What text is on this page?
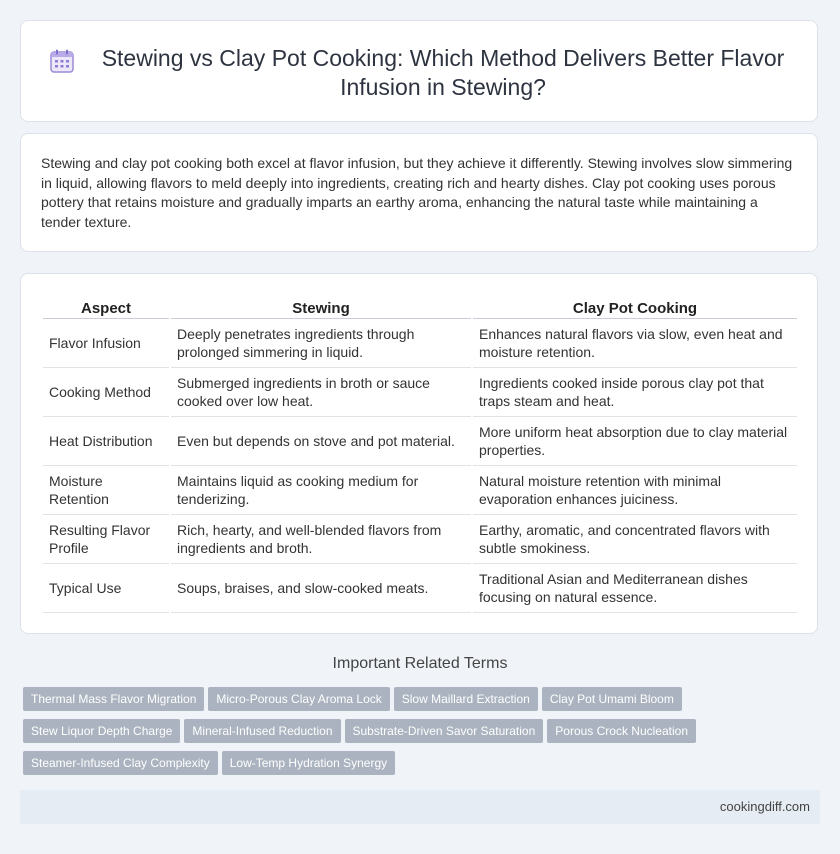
Stewing vs Clay Pot Cooking: Which Method Delivers Better Flavor Infusion in Stewing?

Stewing and clay pot cooking both excel at flavor infusion, but they achieve it differently. Stewing involves slow simmering in liquid, allowing flavors to meld deeply into ingredients, creating rich and hearty dishes. Clay pot cooking uses porous pottery that retains moisture and gradually imparts an earthy aroma, enhancing the natural taste while maintaining a tender texture.

Aspect	Stewing	Clay Pot Cooking
Flavor Infusion	Deeply penetrates ingredients through prolonged simmering in liquid.	Enhances natural flavors via slow, even heat and moisture retention.
Cooking Method	Submerged ingredients in broth or sauce cooked over low heat.	Ingredients cooked inside porous clay pot that traps steam and heat.
Heat Distribution	Even but depends on stove and pot material.	More uniform heat absorption due to clay material properties.
Moisture Retention	Maintains liquid as cooking medium for tenderizing.	Natural moisture retention with minimal evaporation enhances juiciness.
Resulting Flavor Profile	Rich, hearty, and well-blended flavors from ingredients and broth.	Earthy, aromatic, and concentrated flavors with subtle smokiness.
Typical Use	Soups, braises, and slow-cooked meats.	Traditional Asian and Mediterranean dishes focusing on natural essence.
Important Related Terms
Thermal Mass Flavor Migration Micro-Porous Clay Aroma Lock Slow Maillard Extraction Clay Pot Umami Bloom
Stew Liquor Depth Charge Mineral-Infused Reduction Substrate-Driven Savor Saturation Porous Crock Nucleation
Steamer-Infused Clay Complexity Low-Temp Hydration Synergy
cookingdiff.com
